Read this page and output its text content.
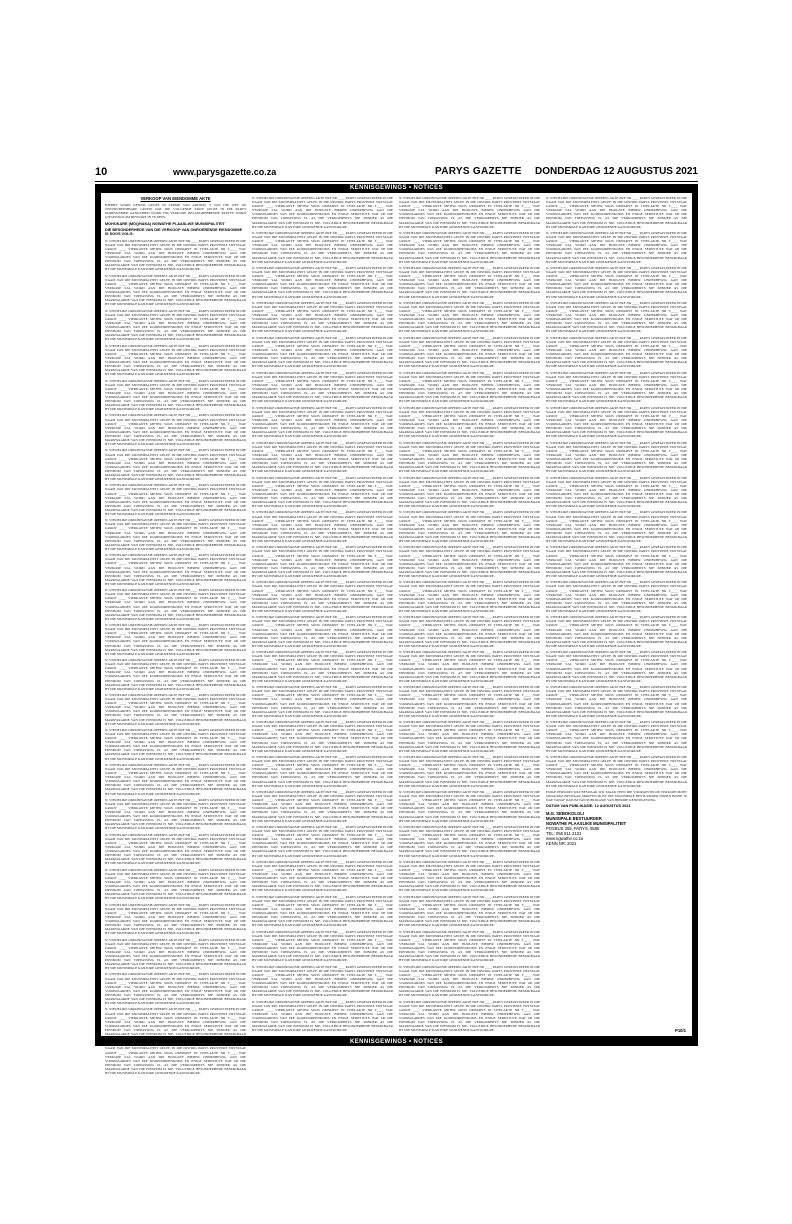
10	www.parysgazette.co.za	PARYS GAZETTE DONDERDAG 12 AUGUSTUS 2021
KENNISGEWINGS • NOTICES
VERKOOP VAN EIENDOMME AKTE

HIERBY WORD KENNIS GEGEE IN TERME VAN ARTIKEL 9 VAN DIE WET OP ONVERVREEMBARE GROND DAT DIE VOLGENDE ERWE GELEE IN DIE PARYS DORPSGEBIED AANGEBIED WORD VIR VERKOOP. BELANGHEBBENDE PARTYE WORD UITGENOOI OM BESWARE IN TE DIEN.

MOHOKARE (MOQHAKA) NGWATHE PLAASLIKE MUNISIPALITEIT

DIE BESONDERHEDE VAN DIE VERKOOP VAN ONROERENDE EIENDOMME IS SOOS VOLG:

N. STEDELIKE ORDONNANSIE OPPERVLAKTE ERF NR ____ PARYS GEREGISTREER IN DIE NAAM VAN DIE MUNISIPALITEIT GELEE IN DIE DISTRIK PARYS PROVINSIE VRYSTAAT GROOT ____ VIERKANTE METER SOOS OMSKRYF IN TITELAKTE NR T____ WAT VERKOOP SAL WORD AAN DIE HOOGSTE BIEDER ONDERHEWIG AAN DIE VOORWAARDES VAN DIE KOOPOOREENKOMS EN ENIGE SERWITUTE WAT OP DIE EIENDOM VAN TOEPASSING IS, AS DIE VERKOOPPRYS NIE MINDER AS DIE MARKWAARDE VAN DIE EIENDOM IS NIE. VOLLEDIGE BESONDERHEDE BESKIKBAAR BY DIE MUNISIPALE KANTORE GEDURENDE KANTOORURE.

N. STEDELIKE ORDONNANSIE OPPERVLAKTE ERF NR ____ PARYS GEREGISTREER IN DIE NAAM VAN DIE MUNISIPALITEIT GELEE IN DIE DISTRIK PARYS PROVINSIE VRYSTAAT GROOT ____ VIERKANTE METER SOOS OMSKRYF IN TITELAKTE NR T____ WAT VERKOOP SAL WORD AAN DIE HOOGSTE BIEDER ONDERHEWIG AAN DIE VOORWAARDES VAN DIE KOOPOOREENKOMS EN ENIGE SERWITUTE WAT OP DIE EIENDOM VAN TOEPASSING IS, AS DIE VERKOOPPRYS NIE MINDER AS DIE MARKWAARDE VAN DIE EIENDOM IS NIE. VOLLEDIGE BESONDERHEDE BESKIKBAAR BY DIE MUNISIPALE KANTORE GEDURENDE KANTOORURE.

N. STEDELIKE ORDONNANSIE OPPERVLAKTE ERF NR ____ PARYS GEREGISTREER IN DIE NAAM VAN DIE MUNISIPALITEIT GELEE IN DIE DISTRIK PARYS PROVINSIE VRYSTAAT GROOT ____ VIERKANTE METER SOOS OMSKRYF IN TITELAKTE NR T____ WAT VERKOOP SAL WORD AAN DIE HOOGSTE BIEDER ONDERHEWIG AAN DIE VOORWAARDES VAN DIE KOOPOOREENKOMS EN ENIGE SERWITUTE WAT OP DIE EIENDOM VAN TOEPASSING IS, AS DIE VERKOOPPRYS NIE MINDER AS DIE MARKWAARDE VAN DIE EIENDOM IS NIE. VOLLEDIGE BESONDERHEDE BESKIKBAAR BY DIE MUNISIPALE KANTORE GEDURENDE KANTOORURE.

N. STEDELIKE ORDONNANSIE OPPERVLAKTE ERF NR ____ PARYS GEREGISTREER IN DIE NAAM VAN DIE MUNISIPALITEIT GELEE IN DIE DISTRIK PARYS PROVINSIE VRYSTAAT GROOT ____ VIERKANTE METER SOOS OMSKRYF IN TITELAKTE NR T____ WAT VERKOOP SAL WORD AAN DIE HOOGSTE BIEDER ONDERHEWIG AAN DIE VOORWAARDES VAN DIE KOOPOOREENKOMS EN ENIGE SERWITUTE WAT OP DIE EIENDOM VAN TOEPASSING IS, AS DIE VERKOOPPRYS NIE MINDER AS DIE MARKWAARDE VAN DIE EIENDOM IS NIE. VOLLEDIGE BESONDERHEDE BESKIKBAAR BY DIE MUNISIPALE KANTORE GEDURENDE KANTOORURE.

N. STEDELIKE ORDONNANSIE OPPERVLAKTE ERF NR ____ PARYS GEREGISTREER IN DIE NAAM VAN DIE MUNISIPALITEIT GELEE IN DIE DISTRIK PARYS PROVINSIE VRYSTAAT GROOT ____ VIERKANTE METER SOOS OMSKRYF IN TITELAKTE NR T____ WAT VERKOOP SAL WORD AAN DIE HOOGSTE BIEDER ONDERHEWIG AAN DIE VOORWAARDES VAN DIE KOOPOOREENKOMS EN ENIGE SERWITUTE WAT OP DIE EIENDOM VAN TOEPASSING IS, AS DIE VERKOOPPRYS NIE MINDER AS DIE MARKWAARDE VAN DIE EIENDOM IS NIE. VOLLEDIGE BESONDERHEDE BESKIKBAAR BY DIE MUNISIPALE KANTORE GEDURENDE KANTOORURE.

N. STEDELIKE ORDONNANSIE OPPERVLAKTE ERF NR ____ PARYS GEREGISTREER IN DIE NAAM VAN DIE MUNISIPALITEIT GELEE IN DIE DISTRIK PARYS PROVINSIE VRYSTAAT GROOT ____ VIERKANTE METER SOOS OMSKRYF IN TITELAKTE NR T____ WAT VERKOOP SAL WORD AAN DIE HOOGSTE BIEDER ONDERHEWIG AAN DIE VOORWAARDES VAN DIE KOOPOOREENKOMS EN ENIGE SERWITUTE WAT OP DIE EIENDOM VAN TOEPASSING IS, AS DIE VERKOOPPRYS NIE MINDER AS DIE MARKWAARDE VAN DIE EIENDOM IS NIE. VOLLEDIGE BESONDERHEDE BESKIKBAAR BY DIE MUNISIPALE KANTORE GEDURENDE KANTOORURE.

N. STEDELIKE ORDONNANSIE OPPERVLAKTE ERF NR ____ PARYS GEREGISTREER IN DIE NAAM VAN DIE MUNISIPALITEIT GELEE IN DIE DISTRIK PARYS PROVINSIE VRYSTAAT GROOT ____ VIERKANTE METER SOOS OMSKRYF IN TITELAKTE NR T____ WAT VERKOOP SAL WORD AAN DIE HOOGSTE BIEDER ONDERHEWIG AAN DIE VOORWAARDES VAN DIE KOOPOOREENKOMS EN ENIGE SERWITUTE WAT OP DIE EIENDOM VAN TOEPASSING IS, AS DIE VERKOOPPRYS NIE MINDER AS DIE MARKWAARDE VAN DIE EIENDOM IS NIE. VOLLEDIGE BESONDERHEDE BESKIKBAAR BY DIE MUNISIPALE KANTORE GEDURENDE KANTOORURE.

N. STEDELIKE ORDONNANSIE OPPERVLAKTE ERF NR ____ PARYS GEREGISTREER IN DIE NAAM VAN DIE MUNISIPALITEIT GELEE IN DIE DISTRIK PARYS PROVINSIE VRYSTAAT GROOT ____ VIERKANTE METER SOOS OMSKRYF IN TITELAKTE NR T____ WAT VERKOOP SAL WORD AAN DIE HOOGSTE BIEDER ONDERHEWIG AAN DIE VOORWAARDES VAN DIE KOOPOOREENKOMS EN ENIGE SERWITUTE WAT OP DIE EIENDOM VAN TOEPASSING IS, AS DIE VERKOOPPRYS NIE MINDER AS DIE MARKWAARDE VAN DIE EIENDOM IS NIE. VOLLEDIGE BESONDERHEDE BESKIKBAAR BY DIE MUNISIPALE KANTORE GEDURENDE KANTOORURE.

N. STEDELIKE ORDONNANSIE OPPERVLAKTE ERF NR ____ PARYS GEREGISTREER IN DIE NAAM VAN DIE MUNISIPALITEIT GELEE IN DIE DISTRIK PARYS PROVINSIE VRYSTAAT GROOT ____ VIERKANTE METER SOOS OMSKRYF IN TITELAKTE NR T____ WAT VERKOOP SAL WORD AAN DIE HOOGSTE BIEDER ONDERHEWIG AAN DIE VOORWAARDES VAN DIE KOOPOOREENKOMS EN ENIGE SERWITUTE WAT OP DIE EIENDOM VAN TOEPASSING IS, AS DIE VERKOOPPRYS NIE MINDER AS DIE MARKWAARDE VAN DIE EIENDOM IS NIE. VOLLEDIGE BESONDERHEDE BESKIKBAAR BY DIE MUNISIPALE KANTORE GEDURENDE KANTOORURE.

N. STEDELIKE ORDONNANSIE OPPERVLAKTE ERF NR ____ PARYS GEREGISTREER IN DIE NAAM VAN DIE MUNISIPALITEIT GELEE IN DIE DISTRIK PARYS PROVINSIE VRYSTAAT GROOT ____ VIERKANTE METER SOOS OMSKRYF IN TITELAKTE NR T____ WAT VERKOOP SAL WORD AAN DIE HOOGSTE BIEDER ONDERHEWIG AAN DIE VOORWAARDES VAN DIE KOOPOOREENKOMS EN ENIGE SERWITUTE WAT OP DIE EIENDOM VAN TOEPASSING IS, AS DIE VERKOOPPRYS NIE MINDER AS DIE MARKWAARDE VAN DIE EIENDOM IS NIE. VOLLEDIGE BESONDERHEDE BESKIKBAAR BY DIE MUNISIPALE KANTORE GEDURENDE KANTOORURE.

N. STEDELIKE ORDONNANSIE OPPERVLAKTE ERF NR ____ PARYS GEREGISTREER IN DIE NAAM VAN DIE MUNISIPALITEIT GELEE IN DIE DISTRIK PARYS PROVINSIE VRYSTAAT GROOT ____ VIERKANTE METER SOOS OMSKRYF IN TITELAKTE NR T____ WAT VERKOOP SAL WORD AAN DIE HOOGSTE BIEDER ONDERHEWIG AAN DIE VOORWAARDES VAN DIE KOOPOOREENKOMS EN ENIGE SERWITUTE WAT OP DIE EIENDOM VAN TOEPASSING IS, AS DIE VERKOOPPRYS NIE MINDER AS DIE MARKWAARDE VAN DIE EIENDOM IS NIE. VOLLEDIGE BESONDERHEDE BESKIKBAAR BY DIE MUNISIPALE KANTORE GEDURENDE KANTOORURE.

N. STEDELIKE ORDONNANSIE OPPERVLAKTE ERF NR ____ PARYS GEREGISTREER IN DIE NAAM VAN DIE MUNISIPALITEIT GELEE IN DIE DISTRIK PARYS PROVINSIE VRYSTAAT GROOT ____ VIERKANTE METER SOOS OMSKRYF IN TITELAKTE NR T____ WAT VERKOOP SAL WORD AAN DIE HOOGSTE BIEDER ONDERHEWIG AAN DIE VOORWAARDES VAN DIE KOOPOOREENKOMS EN ENIGE SERWITUTE WAT OP DIE EIENDOM VAN TOEPASSING IS, AS DIE VERKOOPPRYS NIE MINDER AS DIE MARKWAARDE VAN DIE EIENDOM IS NIE. VOLLEDIGE BESONDERHEDE BESKIKBAAR BY DIE MUNISIPALE KANTORE GEDURENDE KANTOORURE.

N. STEDELIKE ORDONNANSIE OPPERVLAKTE ERF NR ____ PARYS GEREGISTREER IN DIE NAAM VAN DIE MUNISIPALITEIT GELEE IN DIE DISTRIK PARYS PROVINSIE VRYSTAAT GROOT ____ VIERKANTE METER SOOS OMSKRYF IN TITELAKTE NR T____ WAT VERKOOP SAL WORD AAN DIE HOOGSTE BIEDER ONDERHEWIG AAN DIE VOORWAARDES VAN DIE KOOPOOREENKOMS EN ENIGE SERWITUTE WAT OP DIE EIENDOM VAN TOEPASSING IS, AS DIE VERKOOPPRYS NIE MINDER AS DIE MARKWAARDE VAN DIE EIENDOM IS NIE. VOLLEDIGE BESONDERHEDE BESKIKBAAR BY DIE MUNISIPALE KANTORE GEDURENDE KANTOORURE.

N. STEDELIKE ORDONNANSIE OPPERVLAKTE ERF NR ____ PARYS GEREGISTREER IN DIE NAAM VAN DIE MUNISIPALITEIT GELEE IN DIE DISTRIK PARYS PROVINSIE VRYSTAAT GROOT ____ VIERKANTE METER SOOS OMSKRYF IN TITELAKTE NR T____ WAT VERKOOP SAL WORD AAN DIE HOOGSTE BIEDER ONDERHEWIG AAN DIE VOORWAARDES VAN DIE KOOPOOREENKOMS EN ENIGE SERWITUTE WAT OP DIE EIENDOM VAN TOEPASSING IS, AS DIE VERKOOPPRYS NIE MINDER AS DIE MARKWAARDE VAN DIE EIENDOM IS NIE. VOLLEDIGE BESONDERHEDE BESKIKBAAR BY DIE MUNISIPALE KANTORE GEDURENDE KANTOORURE.

N. STEDELIKE ORDONNANSIE OPPERVLAKTE ERF NR ____ PARYS GEREGISTREER IN DIE NAAM VAN DIE MUNISIPALITEIT GELEE IN DIE DISTRIK PARYS PROVINSIE VRYSTAAT GROOT ____ VIERKANTE METER SOOS OMSKRYF IN TITELAKTE NR T____ WAT VERKOOP SAL WORD AAN DIE HOOGSTE BIEDER ONDERHEWIG AAN DIE VOORWAARDES VAN DIE KOOPOOREENKOMS EN ENIGE SERWITUTE WAT OP DIE EIENDOM VAN TOEPASSING IS, AS DIE VERKOOPPRYS NIE MINDER AS DIE MARKWAARDE VAN DIE EIENDOM IS NIE. VOLLEDIGE BESONDERHEDE BESKIKBAAR BY DIE MUNISIPALE KANTORE GEDURENDE KANTOORURE.

N. STEDELIKE ORDONNANSIE OPPERVLAKTE ERF NR ____ PARYS GEREGISTREER IN DIE NAAM VAN DIE MUNISIPALITEIT GELEE IN DIE DISTRIK PARYS PROVINSIE VRYSTAAT GROOT ____ VIERKANTE METER SOOS OMSKRYF IN TITELAKTE NR T____ WAT VERKOOP SAL WORD AAN DIE HOOGSTE BIEDER ONDERHEWIG AAN DIE VOORWAARDES VAN DIE KOOPOOREENKOMS EN ENIGE SERWITUTE WAT OP DIE EIENDOM VAN TOEPASSING IS, AS DIE VERKOOPPRYS NIE MINDER AS DIE MARKWAARDE VAN DIE EIENDOM IS NIE. VOLLEDIGE BESONDERHEDE BESKIKBAAR BY DIE MUNISIPALE KANTORE GEDURENDE KANTOORURE.

N. STEDELIKE ORDONNANSIE OPPERVLAKTE ERF NR ____ PARYS GEREGISTREER IN DIE NAAM VAN DIE MUNISIPALITEIT GELEE IN DIE DISTRIK PARYS PROVINSIE VRYSTAAT GROOT ____ VIERKANTE METER SOOS OMSKRYF IN TITELAKTE NR T____ WAT VERKOOP SAL WORD AAN DIE HOOGSTE BIEDER ONDERHEWIG AAN DIE VOORWAARDES VAN DIE KOOPOOREENKOMS EN ENIGE SERWITUTE WAT OP DIE EIENDOM VAN TOEPASSING IS, AS DIE VERKOOPPRYS NIE MINDER AS DIE MARKWAARDE VAN DIE EIENDOM IS NIE. VOLLEDIGE BESONDERHEDE BESKIKBAAR BY DIE MUNISIPALE KANTORE GEDURENDE KANTOORURE.

N. STEDELIKE ORDONNANSIE OPPERVLAKTE ERF NR ____ PARYS GEREGISTREER IN DIE NAAM VAN DIE MUNISIPALITEIT GELEE IN DIE DISTRIK PARYS PROVINSIE VRYSTAAT GROOT ____ VIERKANTE METER SOOS OMSKRYF IN TITELAKTE NR T____ WAT VERKOOP SAL WORD AAN DIE HOOGSTE BIEDER ONDERHEWIG AAN DIE VOORWAARDES VAN DIE KOOPOOREENKOMS EN ENIGE SERWITUTE WAT OP DIE EIENDOM VAN TOEPASSING IS, AS DIE VERKOOPPRYS NIE MINDER AS DIE MARKWAARDE VAN DIE EIENDOM IS NIE. VOLLEDIGE BESONDERHEDE BESKIKBAAR BY DIE MUNISIPALE KANTORE GEDURENDE KANTOORURE.

N. STEDELIKE ORDONNANSIE OPPERVLAKTE ERF NR ____ PARYS GEREGISTREER IN DIE NAAM VAN DIE MUNISIPALITEIT GELEE IN DIE DISTRIK PARYS PROVINSIE VRYSTAAT GROOT ____ VIERKANTE METER SOOS OMSKRYF IN TITELAKTE NR T____ WAT VERKOOP SAL WORD AAN DIE HOOGSTE BIEDER ONDERHEWIG AAN DIE VOORWAARDES VAN DIE KOOPOOREENKOMS EN ENIGE SERWITUTE WAT OP DIE EIENDOM VAN TOEPASSING IS, AS DIE VERKOOPPRYS NIE MINDER AS DIE MARKWAARDE VAN DIE EIENDOM IS NIE. VOLLEDIGE BESONDERHEDE BESKIKBAAR BY DIE MUNISIPALE KANTORE GEDURENDE KANTOORURE.

N. STEDELIKE ORDONNANSIE OPPERVLAKTE ERF NR ____ PARYS GEREGISTREER IN DIE NAAM VAN DIE MUNISIPALITEIT GELEE IN DIE DISTRIK PARYS PROVINSIE VRYSTAAT GROOT ____ VIERKANTE METER SOOS OMSKRYF IN TITELAKTE NR T____ WAT VERKOOP SAL WORD AAN DIE HOOGSTE BIEDER ONDERHEWIG AAN DIE VOORWAARDES VAN DIE KOOPOOREENKOMS EN ENIGE SERWITUTE WAT OP DIE EIENDOM VAN TOEPASSING IS, AS DIE VERKOOPPRYS NIE MINDER AS DIE MARKWAARDE VAN DIE EIENDOM IS NIE. VOLLEDIGE BESONDERHEDE BESKIKBAAR BY DIE MUNISIPALE KANTORE GEDURENDE KANTOORURE.

N. STEDELIKE ORDONNANSIE OPPERVLAKTE ERF NR ____ PARYS GEREGISTREER IN DIE NAAM VAN DIE MUNISIPALITEIT GELEE IN DIE DISTRIK PARYS PROVINSIE VRYSTAAT GROOT ____ VIERKANTE METER SOOS OMSKRYF IN TITELAKTE NR T____ WAT VERKOOP SAL WORD AAN DIE HOOGSTE BIEDER ONDERHEWIG AAN DIE VOORWAARDES VAN DIE KOOPOOREENKOMS EN ENIGE SERWITUTE WAT OP DIE EIENDOM VAN TOEPASSING IS, AS DIE VERKOOPPRYS NIE MINDER AS DIE MARKWAARDE VAN DIE EIENDOM IS NIE. VOLLEDIGE BESONDERHEDE BESKIKBAAR BY DIE MUNISIPALE KANTORE GEDURENDE KANTOORURE.

N. STEDELIKE ORDONNANSIE OPPERVLAKTE ERF NR ____ PARYS GEREGISTREER IN DIE NAAM VAN DIE MUNISIPALITEIT GELEE IN DIE DISTRIK PARYS PROVINSIE VRYSTAAT GROOT ____ VIERKANTE METER SOOS OMSKRYF IN TITELAKTE NR T____ WAT VERKOOP SAL WORD AAN DIE HOOGSTE BIEDER ONDERHEWIG AAN DIE VOORWAARDES VAN DIE KOOPOOREENKOMS EN ENIGE SERWITUTE WAT OP DIE EIENDOM VAN TOEPASSING IS, AS DIE VERKOOPPRYS NIE MINDER AS DIE MARKWAARDE VAN DIE EIENDOM IS NIE. VOLLEDIGE BESONDERHEDE BESKIKBAAR BY DIE MUNISIPALE KANTORE GEDURENDE KANTOORURE.

N. STEDELIKE ORDONNANSIE OPPERVLAKTE ERF NR ____ PARYS GEREGISTREER IN DIE NAAM VAN DIE MUNISIPALITEIT GELEE IN DIE DISTRIK PARYS PROVINSIE VRYSTAAT GROOT ____ VIERKANTE METER SOOS OMSKRYF IN TITELAKTE NR T____ WAT VERKOOP SAL WORD AAN DIE HOOGSTE BIEDER ONDERHEWIG AAN DIE VOORWAARDES VAN DIE KOOPOOREENKOMS EN ENIGE SERWITUTE WAT OP DIE EIENDOM VAN TOEPASSING IS, AS DIE VERKOOPPRYS NIE MINDER AS DIE MARKWAARDE VAN DIE EIENDOM IS NIE. VOLLEDIGE BESONDERHEDE BESKIKBAAR BY DIE MUNISIPALE KANTORE GEDURENDE KANTOORURE.

N. STEDELIKE ORDONNANSIE OPPERVLAKTE ERF NR ____ PARYS GEREGISTREER IN DIE NAAM VAN DIE MUNISIPALITEIT GELEE IN DIE DISTRIK PARYS PROVINSIE VRYSTAAT GROOT ____ VIERKANTE METER SOOS OMSKRYF IN TITELAKTE NR T____ WAT VERKOOP SAL WORD AAN DIE HOOGSTE BIEDER ONDERHEWIG AAN DIE VOORWAARDES VAN DIE KOOPOOREENKOMS EN ENIGE SERWITUTE WAT OP DIE EIENDOM VAN TOEPASSING IS, AS DIE VERKOOPPRYS NIE MINDER AS DIE MARKWAARDE VAN DIE EIENDOM IS NIE. VOLLEDIGE BESONDERHEDE BESKIKBAAR BY DIE MUNISIPALE KANTORE GEDURENDE KANTOORURE.

N. STEDELIKE ORDONNANSIE OPPERVLAKTE ERF NR ____ PARYS GEREGISTREER IN DIE NAAM VAN DIE MUNISIPALITEIT GELEE IN DIE DISTRIK PARYS PROVINSIE VRYSTAAT GROOT ____ VIERKANTE METER SOOS OMSKRYF IN TITELAKTE NR T____ WAT VERKOOP SAL WORD AAN DIE HOOGSTE BIEDER ONDERHEWIG AAN DIE VOORWAARDES VAN DIE KOOPOOREENKOMS EN ENIGE SERWITUTE WAT OP DIE EIENDOM VAN TOEPASSING IS, AS DIE VERKOOPPRYS NIE MINDER AS DIE MARKWAARDE VAN DIE EIENDOM IS NIE. VOLLEDIGE BESONDERHEDE BESKIKBAAR BY DIE MUNISIPALE KANTORE GEDURENDE KANTOORURE.

N. STEDELIKE ORDONNANSIE OPPERVLAKTE ERF NR ____ PARYS GEREGISTREER IN DIE NAAM VAN DIE MUNISIPALITEIT GELEE IN DIE DISTRIK PARYS PROVINSIE VRYSTAAT GROOT ____ VIERKANTE METER SOOS OMSKRYF IN TITELAKTE NR T____ WAT VERKOOP SAL WORD AAN DIE HOOGSTE BIEDER ONDERHEWIG AAN DIE VOORWAARDES VAN DIE KOOPOOREENKOMS EN ENIGE SERWITUTE WAT OP DIE EIENDOM VAN TOEPASSING IS, AS DIE VERKOOPPRYS NIE MINDER AS DIE MARKWAARDE VAN DIE EIENDOM IS NIE. VOLLEDIGE BESONDERHEDE BESKIKBAAR BY DIE MUNISIPALE KANTORE GEDURENDE KANTOORURE.

N. STEDELIKE ORDONNANSIE OPPERVLAKTE ERF NR ____ PARYS GEREGISTREER IN DIE NAAM VAN DIE MUNISIPALITEIT GELEE IN DIE DISTRIK PARYS PROVINSIE VRYSTAAT GROOT ____ VIERKANTE METER SOOS OMSKRYF IN TITELAKTE NR T____ WAT VERKOOP SAL WORD AAN DIE HOOGSTE BIEDER ONDERHEWIG AAN DIE VOORWAARDES VAN DIE KOOPOOREENKOMS EN ENIGE SERWITUTE WAT OP DIE EIENDOM VAN TOEPASSING IS, AS DIE VERKOOPPRYS NIE MINDER AS DIE MARKWAARDE VAN DIE EIENDOM IS NIE. VOLLEDIGE BESONDERHEDE BESKIKBAAR BY DIE MUNISIPALE KANTORE GEDURENDE KANTOORURE.

N. STEDELIKE ORDONNANSIE OPPERVLAKTE ERF NR ____ PARYS GEREGISTREER IN DIE NAAM VAN DIE MUNISIPALITEIT GELEE IN DIE DISTRIK PARYS PROVINSIE VRYSTAAT GROOT ____ VIERKANTE METER SOOS OMSKRYF IN TITELAKTE NR T____ WAT VERKOOP SAL WORD AAN DIE HOOGSTE BIEDER ONDERHEWIG AAN DIE VOORWAARDES VAN DIE KOOPOOREENKOMS EN ENIGE SERWITUTE WAT OP DIE EIENDOM VAN TOEPASSING IS, AS DIE VERKOOPPRYS NIE MINDER AS DIE MARKWAARDE VAN DIE EIENDOM IS NIE. VOLLEDIGE BESONDERHEDE BESKIKBAAR BY DIE MUNISIPALE KANTORE GEDURENDE KANTOORURE.

N. STEDELIKE ORDONNANSIE OPPERVLAKTE ERF NR ____ PARYS GEREGISTREER IN DIE NAAM VAN DIE MUNISIPALITEIT GELEE IN DIE DISTRIK PARYS PROVINSIE VRYSTAAT GROOT ____ VIERKANTE METER SOOS OMSKRYF IN TITELAKTE NR T____ WAT VERKOOP SAL WORD AAN DIE HOOGSTE BIEDER ONDERHEWIG AAN DIE VOORWAARDES VAN DIE KOOPOOREENKOMS EN ENIGE SERWITUTE WAT OP DIE EIENDOM VAN TOEPASSING IS, AS DIE VERKOOPPRYS NIE MINDER AS DIE MARKWAARDE VAN DIE EIENDOM IS NIE. VOLLEDIGE BESONDERHEDE BESKIKBAAR BY DIE MUNISIPALE KANTORE GEDURENDE KANTOORURE.

N. STEDELIKE ORDONNANSIE OPPERVLAKTE ERF NR ____ PARYS GEREGISTREER IN DIE NAAM VAN DIE MUNISIPALITEIT GELEE IN DIE DISTRIK PARYS PROVINSIE VRYSTAAT GROOT ____ VIERKANTE METER SOOS OMSKRYF IN TITELAKTE NR T____ WAT VERKOOP SAL WORD AAN DIE HOOGSTE BIEDER ONDERHEWIG AAN DIE VOORWAARDES VAN DIE KOOPOOREENKOMS EN ENIGE SERWITUTE WAT OP DIE EIENDOM VAN TOEPASSING IS, AS DIE VERKOOPPRYS NIE MINDER AS DIE MARKWAARDE VAN DIE EIENDOM IS NIE. VOLLEDIGE BESONDERHEDE BESKIKBAAR BY DIE MUNISIPALE KANTORE GEDURENDE KANTOORURE.

N. STEDELIKE ORDONNANSIE OPPERVLAKTE ERF NR ____ PARYS GEREGISTREER IN DIE NAAM VAN DIE MUNISIPALITEIT GELEE IN DIE DISTRIK PARYS PROVINSIE VRYSTAAT GROOT ____ VIERKANTE METER SOOS OMSKRYF IN TITELAKTE NR T____ WAT VERKOOP SAL WORD AAN DIE HOOGSTE BIEDER ONDERHEWIG AAN DIE VOORWAARDES VAN DIE KOOPOOREENKOMS EN ENIGE SERWITUTE WAT OP DIE EIENDOM VAN TOEPASSING IS, AS DIE VERKOOPPRYS NIE MINDER AS DIE MARKWAARDE VAN DIE EIENDOM IS NIE. VOLLEDIGE BESONDERHEDE BESKIKBAAR BY DIE MUNISIPALE KANTORE GEDURENDE KANTOORURE.

N. STEDELIKE ORDONNANSIE OPPERVLAKTE ERF NR ____ PARYS GEREGISTREER IN DIE NAAM VAN DIE MUNISIPALITEIT GELEE IN DIE DISTRIK PARYS PROVINSIE VRYSTAAT GROOT ____ VIERKANTE METER SOOS OMSKRYF IN TITELAKTE NR T____ WAT VERKOOP SAL WORD AAN DIE HOOGSTE BIEDER ONDERHEWIG AAN DIE VOORWAARDES VAN DIE KOOPOOREENKOMS EN ENIGE SERWITUTE WAT OP DIE EIENDOM VAN TOEPASSING IS, AS DIE VERKOOPPRYS NIE MINDER AS DIE MARKWAARDE VAN DIE EIENDOM IS NIE. VOLLEDIGE BESONDERHEDE BESKIKBAAR BY DIE MUNISIPALE KANTORE GEDURENDE KANTOORURE.

N. STEDELIKE ORDONNANSIE OPPERVLAKTE ERF NR ____ PARYS GEREGISTREER IN DIE NAAM VAN DIE MUNISIPALITEIT GELEE IN DIE DISTRIK PARYS PROVINSIE VRYSTAAT GROOT ____ VIERKANTE METER SOOS OMSKRYF IN TITELAKTE NR T____ WAT VERKOOP SAL WORD AAN DIE HOOGSTE BIEDER ONDERHEWIG AAN DIE VOORWAARDES VAN DIE KOOPOOREENKOMS EN ENIGE SERWITUTE WAT OP DIE EIENDOM VAN TOEPASSING IS, AS DIE VERKOOPPRYS NIE MINDER AS DIE MARKWAARDE VAN DIE EIENDOM IS NIE. VOLLEDIGE BESONDERHEDE BESKIKBAAR BY DIE MUNISIPALE KANTORE GEDURENDE KANTOORURE.

N. STEDELIKE ORDONNANSIE OPPERVLAKTE ERF NR ____ PARYS GEREGISTREER IN DIE NAAM VAN DIE MUNISIPALITEIT GELEE IN DIE DISTRIK PARYS PROVINSIE VRYSTAAT GROOT ____ VIERKANTE METER SOOS OMSKRYF IN TITELAKTE NR T____ WAT VERKOOP SAL WORD AAN DIE HOOGSTE BIEDER ONDERHEWIG AAN DIE VOORWAARDES VAN DIE KOOPOOREENKOMS EN ENIGE SERWITUTE WAT OP DIE EIENDOM VAN TOEPASSING IS, AS DIE VERKOOPPRYS NIE MINDER AS DIE MARKWAARDE VAN DIE EIENDOM IS NIE. VOLLEDIGE BESONDERHEDE BESKIKBAAR BY DIE MUNISIPALE KANTORE GEDURENDE KANTOORURE.

N. STEDELIKE ORDONNANSIE OPPERVLAKTE ERF NR ____ PARYS GEREGISTREER IN DIE NAAM VAN DIE MUNISIPALITEIT GELEE IN DIE DISTRIK PARYS PROVINSIE VRYSTAAT GROOT ____ VIERKANTE METER SOOS OMSKRYF IN TITELAKTE NR T____ WAT VERKOOP SAL WORD AAN DIE HOOGSTE BIEDER ONDERHEWIG AAN DIE VOORWAARDES VAN DIE KOOPOOREENKOMS EN ENIGE SERWITUTE WAT OP DIE EIENDOM VAN TOEPASSING IS, AS DIE VERKOOPPRYS NIE MINDER AS DIE MARKWAARDE VAN DIE EIENDOM IS NIE. VOLLEDIGE BESONDERHEDE BESKIKBAAR BY DIE MUNISIPALE KANTORE GEDURENDE KANTOORURE.

N. STEDELIKE ORDONNANSIE OPPERVLAKTE ERF NR ____ PARYS GEREGISTREER IN DIE NAAM VAN DIE MUNISIPALITEIT GELEE IN DIE DISTRIK PARYS PROVINSIE VRYSTAAT GROOT ____ VIERKANTE METER SOOS OMSKRYF IN TITELAKTE NR T____ WAT VERKOOP SAL WORD AAN DIE HOOGSTE BIEDER ONDERHEWIG AAN DIE VOORWAARDES VAN DIE KOOPOOREENKOMS EN ENIGE SERWITUTE WAT OP DIE EIENDOM VAN TOEPASSING IS, AS DIE VERKOOPPRYS NIE MINDER AS DIE MARKWAARDE VAN DIE EIENDOM IS NIE. VOLLEDIGE BESONDERHEDE BESKIKBAAR BY DIE MUNISIPALE KANTORE GEDURENDE KANTOORURE.

N. STEDELIKE ORDONNANSIE OPPERVLAKTE ERF NR ____ PARYS GEREGISTREER IN DIE NAAM VAN DIE MUNISIPALITEIT GELEE IN DIE DISTRIK PARYS PROVINSIE VRYSTAAT GROOT ____ VIERKANTE METER SOOS OMSKRYF IN TITELAKTE NR T____ WAT VERKOOP SAL WORD AAN DIE HOOGSTE BIEDER ONDERHEWIG AAN DIE VOORWAARDES VAN DIE KOOPOOREENKOMS EN ENIGE SERWITUTE WAT OP DIE EIENDOM VAN TOEPASSING IS, AS DIE VERKOOPPRYS NIE MINDER AS DIE MARKWAARDE VAN DIE EIENDOM IS NIE. VOLLEDIGE BESONDERHEDE BESKIKBAAR BY DIE MUNISIPALE KANTORE GEDURENDE KANTOORURE.

N. STEDELIKE ORDONNANSIE OPPERVLAKTE ERF NR ____ PARYS GEREGISTREER IN DIE NAAM VAN DIE MUNISIPALITEIT GELEE IN DIE DISTRIK PARYS PROVINSIE VRYSTAAT GROOT ____ VIERKANTE METER SOOS OMSKRYF IN TITELAKTE NR T____ WAT VERKOOP SAL WORD AAN DIE HOOGSTE BIEDER ONDERHEWIG AAN DIE VOORWAARDES VAN DIE KOOPOOREENKOMS EN ENIGE SERWITUTE WAT OP DIE EIENDOM VAN TOEPASSING IS, AS DIE VERKOOPPRYS NIE MINDER AS DIE MARKWAARDE VAN DIE EIENDOM IS NIE. VOLLEDIGE BESONDERHEDE BESKIKBAAR BY DIE MUNISIPALE KANTORE GEDURENDE KANTOORURE.

N. STEDELIKE ORDONNANSIE OPPERVLAKTE ERF NR ____ PARYS GEREGISTREER IN DIE NAAM VAN DIE MUNISIPALITEIT GELEE IN DIE DISTRIK PARYS PROVINSIE VRYSTAAT GROOT ____ VIERKANTE METER SOOS OMSKRYF IN TITELAKTE NR T____ WAT VERKOOP SAL WORD AAN DIE HOOGSTE BIEDER ONDERHEWIG AAN DIE VOORWAARDES VAN DIE KOOPOOREENKOMS EN ENIGE SERWITUTE WAT OP DIE EIENDOM VAN TOEPASSING IS, AS DIE VERKOOPPRYS NIE MINDER AS DIE MARKWAARDE VAN DIE EIENDOM IS NIE. VOLLEDIGE BESONDERHEDE BESKIKBAAR BY DIE MUNISIPALE KANTORE GEDURENDE KANTOORURE.

N. STEDELIKE ORDONNANSIE OPPERVLAKTE ERF NR ____ PARYS GEREGISTREER IN DIE NAAM VAN DIE MUNISIPALITEIT GELEE IN DIE DISTRIK PARYS PROVINSIE VRYSTAAT GROOT ____ VIERKANTE METER SOOS OMSKRYF IN TITELAKTE NR T____ WAT VERKOOP SAL WORD AAN DIE HOOGSTE BIEDER ONDERHEWIG AAN DIE VOORWAARDES VAN DIE KOOPOOREENKOMS EN ENIGE SERWITUTE WAT OP DIE EIENDOM VAN TOEPASSING IS, AS DIE VERKOOPPRYS NIE MINDER AS DIE MARKWAARDE VAN DIE EIENDOM IS NIE. VOLLEDIGE BESONDERHEDE BESKIKBAAR BY DIE MUNISIPALE KANTORE GEDURENDE KANTOORURE.

N. STEDELIKE ORDONNANSIE OPPERVLAKTE ERF NR ____ PARYS GEREGISTREER IN DIE NAAM VAN DIE MUNISIPALITEIT GELEE IN DIE DISTRIK PARYS PROVINSIE VRYSTAAT GROOT ____ VIERKANTE METER SOOS OMSKRYF IN TITELAKTE NR T____ WAT VERKOOP SAL WORD AAN DIE HOOGSTE BIEDER ONDERHEWIG AAN DIE VOORWAARDES VAN DIE KOOPOOREENKOMS EN ENIGE SERWITUTE WAT OP DIE EIENDOM VAN TOEPASSING IS, AS DIE VERKOOPPRYS NIE MINDER AS DIE MARKWAARDE VAN DIE EIENDOM IS NIE. VOLLEDIGE BESONDERHEDE BESKIKBAAR BY DIE MUNISIPALE KANTORE GEDURENDE KANTOORURE.

N. STEDELIKE ORDONNANSIE OPPERVLAKTE ERF NR ____ PARYS GEREGISTREER IN DIE NAAM VAN DIE MUNISIPALITEIT GELEE IN DIE DISTRIK PARYS PROVINSIE VRYSTAAT GROOT ____ VIERKANTE METER SOOS OMSKRYF IN TITELAKTE NR T____ WAT VERKOOP SAL WORD AAN DIE HOOGSTE BIEDER ONDERHEWIG AAN DIE VOORWAARDES VAN DIE KOOPOOREENKOMS EN ENIGE SERWITUTE WAT OP DIE EIENDOM VAN TOEPASSING IS, AS DIE VERKOOPPRYS NIE MINDER AS DIE MARKWAARDE VAN DIE EIENDOM IS NIE. VOLLEDIGE BESONDERHEDE BESKIKBAAR BY DIE MUNISIPALE KANTORE GEDURENDE KANTOORURE.

N. STEDELIKE ORDONNANSIE OPPERVLAKTE ERF NR ____ PARYS GEREGISTREER IN DIE NAAM VAN DIE MUNISIPALITEIT GELEE IN DIE DISTRIK PARYS PROVINSIE VRYSTAAT GROOT ____ VIERKANTE METER SOOS OMSKRYF IN TITELAKTE NR T____ WAT VERKOOP SAL WORD AAN DIE HOOGSTE BIEDER ONDERHEWIG AAN DIE VOORWAARDES VAN DIE KOOPOOREENKOMS EN ENIGE SERWITUTE WAT OP DIE EIENDOM VAN TOEPASSING IS, AS DIE VERKOOPPRYS NIE MINDER AS DIE MARKWAARDE VAN DIE EIENDOM IS NIE. VOLLEDIGE BESONDERHEDE BESKIKBAAR BY DIE MUNISIPALE KANTORE GEDURENDE KANTOORURE.

N. STEDELIKE ORDONNANSIE OPPERVLAKTE ERF NR ____ PARYS GEREGISTREER IN DIE NAAM VAN DIE MUNISIPALITEIT GELEE IN DIE DISTRIK PARYS PROVINSIE VRYSTAAT GROOT ____ VIERKANTE METER SOOS OMSKRYF IN TITELAKTE NR T____ WAT VERKOOP SAL WORD AAN DIE HOOGSTE BIEDER ONDERHEWIG AAN DIE VOORWAARDES VAN DIE KOOPOOREENKOMS EN ENIGE SERWITUTE WAT OP DIE EIENDOM VAN TOEPASSING IS, AS DIE VERKOOPPRYS NIE MINDER AS DIE MARKWAARDE VAN DIE EIENDOM IS NIE. VOLLEDIGE BESONDERHEDE BESKIKBAAR BY DIE MUNISIPALE KANTORE GEDURENDE KANTOORURE.

N. STEDELIKE ORDONNANSIE OPPERVLAKTE ERF NR ____ PARYS GEREGISTREER IN DIE NAAM VAN DIE MUNISIPALITEIT GELEE IN DIE DISTRIK PARYS PROVINSIE VRYSTAAT GROOT ____ VIERKANTE METER SOOS OMSKRYF IN TITELAKTE NR T____ WAT VERKOOP SAL WORD AAN DIE HOOGSTE BIEDER ONDERHEWIG AAN DIE VOORWAARDES VAN DIE KOOPOOREENKOMS EN ENIGE SERWITUTE WAT OP DIE EIENDOM VAN TOEPASSING IS, AS DIE VERKOOPPRYS NIE MINDER AS DIE MARKWAARDE VAN DIE EIENDOM IS NIE. VOLLEDIGE BESONDERHEDE BESKIKBAAR BY DIE MUNISIPALE KANTORE GEDURENDE KANTOORURE.

N. STEDELIKE ORDONNANSIE OPPERVLAKTE ERF NR ____ PARYS GEREGISTREER IN DIE NAAM VAN DIE MUNISIPALITEIT GELEE IN DIE DISTRIK PARYS PROVINSIE VRYSTAAT GROOT ____ VIERKANTE METER SOOS OMSKRYF IN TITELAKTE NR T____ WAT VERKOOP SAL WORD AAN DIE HOOGSTE BIEDER ONDERHEWIG AAN DIE VOORWAARDES VAN DIE KOOPOOREENKOMS EN ENIGE SERWITUTE WAT OP DIE EIENDOM VAN TOEPASSING IS, AS DIE VERKOOPPRYS NIE MINDER AS DIE MARKWAARDE VAN DIE EIENDOM IS NIE. VOLLEDIGE BESONDERHEDE BESKIKBAAR BY DIE MUNISIPALE KANTORE GEDURENDE KANTOORURE.

N. STEDELIKE ORDONNANSIE OPPERVLAKTE ERF NR ____ PARYS GEREGISTREER IN DIE NAAM VAN DIE MUNISIPALITEIT GELEE IN DIE DISTRIK PARYS PROVINSIE VRYSTAAT GROOT ____ VIERKANTE METER SOOS OMSKRYF IN TITELAKTE NR T____ WAT VERKOOP SAL WORD AAN DIE HOOGSTE BIEDER ONDERHEWIG AAN DIE VOORWAARDES VAN DIE KOOPOOREENKOMS EN ENIGE SERWITUTE WAT OP DIE EIENDOM VAN TOEPASSING IS, AS DIE VERKOOPPRYS NIE MINDER AS DIE MARKWAARDE VAN DIE EIENDOM IS NIE. VOLLEDIGE BESONDERHEDE BESKIKBAAR BY DIE MUNISIPALE KANTORE GEDURENDE KANTOORURE.

N. STEDELIKE ORDONNANSIE OPPERVLAKTE ERF NR ____ PARYS GEREGISTREER IN DIE NAAM VAN DIE MUNISIPALITEIT GELEE IN DIE DISTRIK PARYS PROVINSIE VRYSTAAT GROOT ____ VIERKANTE METER SOOS OMSKRYF IN TITELAKTE NR T____ WAT VERKOOP SAL WORD AAN DIE HOOGSTE BIEDER ONDERHEWIG AAN DIE VOORWAARDES VAN DIE KOOPOOREENKOMS EN ENIGE SERWITUTE WAT OP DIE EIENDOM VAN TOEPASSING IS, AS DIE VERKOOPPRYS NIE MINDER AS DIE MARKWAARDE VAN DIE EIENDOM IS NIE. VOLLEDIGE BESONDERHEDE BESKIKBAAR BY DIE MUNISIPALE KANTORE GEDURENDE KANTOORURE.

N. STEDELIKE ORDONNANSIE OPPERVLAKTE ERF NR ____ PARYS GEREGISTREER IN DIE NAAM VAN DIE MUNISIPALITEIT GELEE IN DIE DISTRIK PARYS PROVINSIE VRYSTAAT GROOT ____ VIERKANTE METER SOOS OMSKRYF IN TITELAKTE NR T____ WAT VERKOOP SAL WORD AAN DIE HOOGSTE BIEDER ONDERHEWIG AAN DIE VOORWAARDES VAN DIE KOOPOOREENKOMS EN ENIGE SERWITUTE WAT OP DIE EIENDOM VAN TOEPASSING IS, AS DIE VERKOOPPRYS NIE MINDER AS DIE MARKWAARDE VAN DIE EIENDOM IS NIE. VOLLEDIGE BESONDERHEDE BESKIKBAAR BY DIE MUNISIPALE KANTORE GEDURENDE KANTOORURE.

N. STEDELIKE ORDONNANSIE OPPERVLAKTE ERF NR ____ PARYS GEREGISTREER IN DIE NAAM VAN DIE MUNISIPALITEIT GELEE IN DIE DISTRIK PARYS PROVINSIE VRYSTAAT GROOT ____ VIERKANTE METER SOOS OMSKRYF IN TITELAKTE NR T____ WAT VERKOOP SAL WORD AAN DIE HOOGSTE BIEDER ONDERHEWIG AAN DIE VOORWAARDES VAN DIE KOOPOOREENKOMS EN ENIGE SERWITUTE WAT OP DIE EIENDOM VAN TOEPASSING IS, AS DIE VERKOOPPRYS NIE MINDER AS DIE MARKWAARDE VAN DIE EIENDOM IS NIE. VOLLEDIGE BESONDERHEDE BESKIKBAAR BY DIE MUNISIPALE KANTORE GEDURENDE KANTOORURE.

N. STEDELIKE ORDONNANSIE OPPERVLAKTE ERF NR ____ PARYS GEREGISTREER IN DIE NAAM VAN DIE MUNISIPALITEIT GELEE IN DIE DISTRIK PARYS PROVINSIE VRYSTAAT GROOT ____ VIERKANTE METER SOOS OMSKRYF IN TITELAKTE NR T____ WAT VERKOOP SAL WORD AAN DIE HOOGSTE BIEDER ONDERHEWIG AAN DIE VOORWAARDES VAN DIE KOOPOOREENKOMS EN ENIGE SERWITUTE WAT OP DIE EIENDOM VAN TOEPASSING IS, AS DIE VERKOOPPRYS NIE MINDER AS DIE MARKWAARDE VAN DIE EIENDOM IS NIE. VOLLEDIGE BESONDERHEDE BESKIKBAAR BY DIE MUNISIPALE KANTORE GEDURENDE KANTOORURE.

N. STEDELIKE ORDONNANSIE OPPERVLAKTE ERF NR ____ PARYS GEREGISTREER IN DIE NAAM VAN DIE MUNISIPALITEIT GELEE IN DIE DISTRIK PARYS PROVINSIE VRYSTAAT GROOT ____ VIERKANTE METER SOOS OMSKRYF IN TITELAKTE NR T____ WAT VERKOOP SAL WORD AAN DIE HOOGSTE BIEDER ONDERHEWIG AAN DIE VOORWAARDES VAN DIE KOOPOOREENKOMS EN ENIGE SERWITUTE WAT OP DIE EIENDOM VAN TOEPASSING IS, AS DIE VERKOOPPRYS NIE MINDER AS DIE MARKWAARDE VAN DIE EIENDOM IS NIE. VOLLEDIGE BESONDERHEDE BESKIKBAAR BY DIE MUNISIPALE KANTORE GEDURENDE KANTOORURE.

N. STEDELIKE ORDONNANSIE OPPERVLAKTE ERF NR ____ PARYS GEREGISTREER IN DIE NAAM VAN DIE MUNISIPALITEIT GELEE IN DIE DISTRIK PARYS PROVINSIE VRYSTAAT GROOT ____ VIERKANTE METER SOOS OMSKRYF IN TITELAKTE NR T____ WAT VERKOOP SAL WORD AAN DIE HOOGSTE BIEDER ONDERHEWIG AAN DIE VOORWAARDES VAN DIE KOOPOOREENKOMS EN ENIGE SERWITUTE WAT OP DIE EIENDOM VAN TOEPASSING IS, AS DIE VERKOOPPRYS NIE MINDER AS DIE MARKWAARDE VAN DIE EIENDOM IS NIE. VOLLEDIGE BESONDERHEDE BESKIKBAAR BY DIE MUNISIPALE KANTORE GEDURENDE KANTOORURE.

N. STEDELIKE ORDONNANSIE OPPERVLAKTE ERF NR ____ PARYS GEREGISTREER IN DIE NAAM VAN DIE MUNISIPALITEIT GELEE IN DIE DISTRIK PARYS PROVINSIE VRYSTAAT GROOT ____ VIERKANTE METER SOOS OMSKRYF IN TITELAKTE NR T____ WAT VERKOOP SAL WORD AAN DIE HOOGSTE BIEDER ONDERHEWIG AAN DIE VOORWAARDES VAN DIE KOOPOOREENKOMS EN ENIGE SERWITUTE WAT OP DIE EIENDOM VAN TOEPASSING IS, AS DIE VERKOOPPRYS NIE MINDER AS DIE MARKWAARDE VAN DIE EIENDOM IS NIE. VOLLEDIGE BESONDERHEDE BESKIKBAAR BY DIE MUNISIPALE KANTORE GEDURENDE KANTOORURE.

N. STEDELIKE ORDONNANSIE OPPERVLAKTE ERF NR ____ PARYS GEREGISTREER IN DIE NAAM VAN DIE MUNISIPALITEIT GELEE IN DIE DISTRIK PARYS PROVINSIE VRYSTAAT GROOT ____ VIERKANTE METER SOOS OMSKRYF IN TITELAKTE NR T____ WAT VERKOOP SAL WORD AAN DIE HOOGSTE BIEDER ONDERHEWIG AAN DIE VOORWAARDES VAN DIE KOOPOOREENKOMS EN ENIGE SERWITUTE WAT OP DIE EIENDOM VAN TOEPASSING IS, AS DIE VERKOOPPRYS NIE MINDER AS DIE MARKWAARDE VAN DIE EIENDOM IS NIE. VOLLEDIGE BESONDERHEDE BESKIKBAAR BY DIE MUNISIPALE KANTORE GEDURENDE KANTOORURE.

N. STEDELIKE ORDONNANSIE OPPERVLAKTE ERF NR ____ PARYS GEREGISTREER IN DIE NAAM VAN DIE MUNISIPALITEIT GELEE IN DIE DISTRIK PARYS PROVINSIE VRYSTAAT GROOT ____ VIERKANTE METER SOOS OMSKRYF IN TITELAKTE NR T____ WAT VERKOOP SAL WORD AAN DIE HOOGSTE BIEDER ONDERHEWIG AAN DIE VOORWAARDES VAN DIE KOOPOOREENKOMS EN ENIGE SERWITUTE WAT OP DIE EIENDOM VAN TOEPASSING IS, AS DIE VERKOOPPRYS NIE MINDER AS DIE MARKWAARDE VAN DIE EIENDOM IS NIE. VOLLEDIGE BESONDERHEDE BESKIKBAAR BY DIE MUNISIPALE KANTORE GEDURENDE KANTOORURE.

N. STEDELIKE ORDONNANSIE OPPERVLAKTE ERF NR ____ PARYS GEREGISTREER IN DIE NAAM VAN DIE MUNISIPALITEIT GELEE IN DIE DISTRIK PARYS PROVINSIE VRYSTAAT GROOT ____ VIERKANTE METER SOOS OMSKRYF IN TITELAKTE NR T____ WAT VERKOOP SAL WORD AAN DIE HOOGSTE BIEDER ONDERHEWIG AAN DIE VOORWAARDES VAN DIE KOOPOOREENKOMS EN ENIGE SERWITUTE WAT OP DIE EIENDOM VAN TOEPASSING IS, AS DIE VERKOOPPRYS NIE MINDER AS DIE MARKWAARDE VAN DIE EIENDOM IS NIE. VOLLEDIGE BESONDERHEDE BESKIKBAAR BY DIE MUNISIPALE KANTORE GEDURENDE KANTOORURE.

N. STEDELIKE ORDONNANSIE OPPERVLAKTE ERF NR ____ PARYS GEREGISTREER IN DIE NAAM VAN DIE MUNISIPALITEIT GELEE IN DIE DISTRIK PARYS PROVINSIE VRYSTAAT GROOT ____ VIERKANTE METER SOOS OMSKRYF IN TITELAKTE NR T____ WAT VERKOOP SAL WORD AAN DIE HOOGSTE BIEDER ONDERHEWIG AAN DIE VOORWAARDES VAN DIE KOOPOOREENKOMS EN ENIGE SERWITUTE WAT OP DIE EIENDOM VAN TOEPASSING IS, AS DIE VERKOOPPRYS NIE MINDER AS DIE MARKWAARDE VAN DIE EIENDOM IS NIE. VOLLEDIGE BESONDERHEDE BESKIKBAAR BY DIE MUNISIPALE KANTORE GEDURENDE KANTOORURE.

N. STEDELIKE ORDONNANSIE OPPERVLAKTE ERF NR ____ PARYS GEREGISTREER IN DIE NAAM VAN DIE MUNISIPALITEIT GELEE IN DIE DISTRIK PARYS PROVINSIE VRYSTAAT GROOT ____ VIERKANTE METER SOOS OMSKRYF IN TITELAKTE NR T____ WAT VERKOOP SAL WORD AAN DIE HOOGSTE BIEDER ONDERHEWIG AAN DIE VOORWAARDES VAN DIE KOOPOOREENKOMS EN ENIGE SERWITUTE WAT OP DIE EIENDOM VAN TOEPASSING IS, AS DIE VERKOOPPRYS NIE MINDER AS DIE MARKWAARDE VAN DIE EIENDOM IS NIE. VOLLEDIGE BESONDERHEDE BESKIKBAAR BY DIE MUNISIPALE KANTORE GEDURENDE KANTOORURE.

N. STEDELIKE ORDONNANSIE OPPERVLAKTE ERF NR ____ PARYS GEREGISTREER IN DIE NAAM VAN DIE MUNISIPALITEIT GELEE IN DIE DISTRIK PARYS PROVINSIE VRYSTAAT GROOT ____ VIERKANTE METER SOOS OMSKRYF IN TITELAKTE NR T____ WAT VERKOOP SAL WORD AAN DIE HOOGSTE BIEDER ONDERHEWIG AAN DIE VOORWAARDES VAN DIE KOOPOOREENKOMS EN ENIGE SERWITUTE WAT OP DIE EIENDOM VAN TOEPASSING IS, AS DIE VERKOOPPRYS NIE MINDER AS DIE MARKWAARDE VAN DIE EIENDOM IS NIE. VOLLEDIGE BESONDERHEDE BESKIKBAAR BY DIE MUNISIPALE KANTORE GEDURENDE KANTOORURE.

N. STEDELIKE ORDONNANSIE OPPERVLAKTE ERF NR ____ PARYS GEREGISTREER IN DIE NAAM VAN DIE MUNISIPALITEIT GELEE IN DIE DISTRIK PARYS PROVINSIE VRYSTAAT GROOT ____ VIERKANTE METER SOOS OMSKRYF IN TITELAKTE NR T____ WAT VERKOOP SAL WORD AAN DIE HOOGSTE BIEDER ONDERHEWIG AAN DIE VOORWAARDES VAN DIE KOOPOOREENKOMS EN ENIGE SERWITUTE WAT OP DIE EIENDOM VAN TOEPASSING IS, AS DIE VERKOOPPRYS NIE MINDER AS DIE MARKWAARDE VAN DIE EIENDOM IS NIE. VOLLEDIGE BESONDERHEDE BESKIKBAAR BY DIE MUNISIPALE KANTORE GEDURENDE KANTOORURE.

N. STEDELIKE ORDONNANSIE OPPERVLAKTE ERF NR ____ PARYS GEREGISTREER IN DIE NAAM VAN DIE MUNISIPALITEIT GELEE IN DIE DISTRIK PARYS PROVINSIE VRYSTAAT GROOT ____ VIERKANTE METER SOOS OMSKRYF IN TITELAKTE NR T____ WAT VERKOOP SAL WORD AAN DIE HOOGSTE BIEDER ONDERHEWIG AAN DIE VOORWAARDES VAN DIE KOOPOOREENKOMS EN ENIGE SERWITUTE WAT OP DIE EIENDOM VAN TOEPASSING IS, AS DIE VERKOOPPRYS NIE MINDER AS DIE MARKWAARDE VAN DIE EIENDOM IS NIE. VOLLEDIGE BESONDERHEDE BESKIKBAAR BY DIE MUNISIPALE KANTORE GEDURENDE KANTOORURE.

N. STEDELIKE ORDONNANSIE OPPERVLAKTE ERF NR ____ PARYS GEREGISTREER IN DIE NAAM VAN DIE MUNISIPALITEIT GELEE IN DIE DISTRIK PARYS PROVINSIE VRYSTAAT GROOT ____ VIERKANTE METER SOOS OMSKRYF IN TITELAKTE NR T____ WAT VERKOOP SAL WORD AAN DIE HOOGSTE BIEDER ONDERHEWIG AAN DIE VOORWAARDES VAN DIE KOOPOOREENKOMS EN ENIGE SERWITUTE WAT OP DIE EIENDOM VAN TOEPASSING IS, AS DIE VERKOOPPRYS NIE MINDER AS DIE MARKWAARDE VAN DIE EIENDOM IS NIE. VOLLEDIGE BESONDERHEDE BESKIKBAAR BY DIE MUNISIPALE KANTORE GEDURENDE KANTOORURE.

N. STEDELIKE ORDONNANSIE OPPERVLAKTE ERF NR ____ PARYS GEREGISTREER IN DIE NAAM VAN DIE MUNISIPALITEIT GELEE IN DIE DISTRIK PARYS PROVINSIE VRYSTAAT GROOT ____ VIERKANTE METER SOOS OMSKRYF IN TITELAKTE NR T____ WAT VERKOOP SAL WORD AAN DIE HOOGSTE BIEDER ONDERHEWIG AAN DIE VOORWAARDES VAN DIE KOOPOOREENKOMS EN ENIGE SERWITUTE WAT OP DIE EIENDOM VAN TOEPASSING IS, AS DIE VERKOOPPRYS NIE MINDER AS DIE MARKWAARDE VAN DIE EIENDOM IS NIE. VOLLEDIGE BESONDERHEDE BESKIKBAAR BY DIE MUNISIPALE KANTORE GEDURENDE KANTOORURE.

N. STEDELIKE ORDONNANSIE OPPERVLAKTE ERF NR ____ PARYS GEREGISTREER IN DIE NAAM VAN DIE MUNISIPALITEIT GELEE IN DIE DISTRIK PARYS PROVINSIE VRYSTAAT GROOT ____ VIERKANTE METER SOOS OMSKRYF IN TITELAKTE NR T____ WAT VERKOOP SAL WORD AAN DIE HOOGSTE BIEDER ONDERHEWIG AAN DIE VOORWAARDES VAN DIE KOOPOOREENKOMS EN ENIGE SERWITUTE WAT OP DIE EIENDOM VAN TOEPASSING IS, AS DIE VERKOOPPRYS NIE MINDER AS DIE MARKWAARDE VAN DIE EIENDOM IS NIE. VOLLEDIGE BESONDERHEDE BESKIKBAAR BY DIE MUNISIPALE KANTORE GEDURENDE KANTOORURE.

N. STEDELIKE ORDONNANSIE OPPERVLAKTE ERF NR ____ PARYS GEREGISTREER IN DIE NAAM VAN DIE MUNISIPALITEIT GELEE IN DIE DISTRIK PARYS PROVINSIE VRYSTAAT GROOT ____ VIERKANTE METER SOOS OMSKRYF IN TITELAKTE NR T____ WAT VERKOOP SAL WORD AAN DIE HOOGSTE BIEDER ONDERHEWIG AAN DIE VOORWAARDES VAN DIE KOOPOOREENKOMS EN ENIGE SERWITUTE WAT OP DIE EIENDOM VAN TOEPASSING IS, AS DIE VERKOOPPRYS NIE MINDER AS DIE MARKWAARDE VAN DIE EIENDOM IS NIE. VOLLEDIGE BESONDERHEDE BESKIKBAAR BY DIE MUNISIPALE KANTORE GEDURENDE KANTOORURE.

N. STEDELIKE ORDONNANSIE OPPERVLAKTE ERF NR ____ PARYS GEREGISTREER IN DIE NAAM VAN DIE MUNISIPALITEIT GELEE IN DIE DISTRIK PARYS PROVINSIE VRYSTAAT GROOT ____ VIERKANTE METER SOOS OMSKRYF IN TITELAKTE NR T____ WAT VERKOOP SAL WORD AAN DIE HOOGSTE BIEDER ONDERHEWIG AAN DIE VOORWAARDES VAN DIE KOOPOOREENKOMS EN ENIGE SERWITUTE WAT OP DIE EIENDOM VAN TOEPASSING IS, AS DIE VERKOOPPRYS NIE MINDER AS DIE MARKWAARDE VAN DIE EIENDOM IS NIE. VOLLEDIGE BESONDERHEDE BESKIKBAAR BY DIE MUNISIPALE KANTORE GEDURENDE KANTOORURE.

N. STEDELIKE ORDONNANSIE OPPERVLAKTE ERF NR ____ PARYS GEREGISTREER IN DIE NAAM VAN DIE MUNISIPALITEIT GELEE IN DIE DISTRIK PARYS PROVINSIE VRYSTAAT GROOT ____ VIERKANTE METER SOOS OMSKRYF IN TITELAKTE NR T____ WAT VERKOOP SAL WORD AAN DIE HOOGSTE BIEDER ONDERHEWIG AAN DIE VOORWAARDES VAN DIE KOOPOOREENKOMS EN ENIGE SERWITUTE WAT OP DIE EIENDOM VAN TOEPASSING IS, AS DIE VERKOOPPRYS NIE MINDER AS DIE MARKWAARDE VAN DIE EIENDOM IS NIE. VOLLEDIGE BESONDERHEDE BESKIKBAAR BY DIE MUNISIPALE KANTORE GEDURENDE KANTOORURE.

N. STEDELIKE ORDONNANSIE OPPERVLAKTE ERF NR ____ PARYS GEREGISTREER IN DIE NAAM VAN DIE MUNISIPALITEIT GELEE IN DIE DISTRIK PARYS PROVINSIE VRYSTAAT GROOT ____ VIERKANTE METER SOOS OMSKRYF IN TITELAKTE NR T____ WAT VERKOOP SAL WORD AAN DIE HOOGSTE BIEDER ONDERHEWIG AAN DIE VOORWAARDES VAN DIE KOOPOOREENKOMS EN ENIGE SERWITUTE WAT OP DIE EIENDOM VAN TOEPASSING IS, AS DIE VERKOOPPRYS NIE MINDER AS DIE MARKWAARDE VAN DIE EIENDOM IS NIE. VOLLEDIGE BESONDERHEDE BESKIKBAAR BY DIE MUNISIPALE KANTORE GEDURENDE KANTOORURE.

N. STEDELIKE ORDONNANSIE OPPERVLAKTE ERF NR ____ PARYS GEREGISTREER IN DIE NAAM VAN DIE MUNISIPALITEIT GELEE IN DIE DISTRIK PARYS PROVINSIE VRYSTAAT GROOT ____ VIERKANTE METER SOOS OMSKRYF IN TITELAKTE NR T____ WAT VERKOOP SAL WORD AAN DIE HOOGSTE BIEDER ONDERHEWIG AAN DIE VOORWAARDES VAN DIE KOOPOOREENKOMS EN ENIGE SERWITUTE WAT OP DIE EIENDOM VAN TOEPASSING IS, AS DIE VERKOOPPRYS NIE MINDER AS DIE MARKWAARDE VAN DIE EIENDOM IS NIE. VOLLEDIGE BESONDERHEDE BESKIKBAAR BY DIE MUNISIPALE KANTORE GEDURENDE KANTOORURE.

N. STEDELIKE ORDONNANSIE OPPERVLAKTE ERF NR ____ PARYS GEREGISTREER IN DIE NAAM VAN DIE MUNISIPALITEIT GELEE IN DIE DISTRIK PARYS PROVINSIE VRYSTAAT GROOT ____ VIERKANTE METER SOOS OMSKRYF IN TITELAKTE NR T____ WAT VERKOOP SAL WORD AAN DIE HOOGSTE BIEDER ONDERHEWIG AAN DIE VOORWAARDES VAN DIE KOOPOOREENKOMS EN ENIGE SERWITUTE WAT OP DIE EIENDOM VAN TOEPASSING IS, AS DIE VERKOOPPRYS NIE MINDER AS DIE MARKWAARDE VAN DIE EIENDOM IS NIE. VOLLEDIGE BESONDERHEDE BESKIKBAAR BY DIE MUNISIPALE KANTORE GEDURENDE KANTOORURE.

N. STEDELIKE ORDONNANSIE OPPERVLAKTE ERF NR ____ PARYS GEREGISTREER IN DIE NAAM VAN DIE MUNISIPALITEIT GELEE IN DIE DISTRIK PARYS PROVINSIE VRYSTAAT GROOT ____ VIERKANTE METER SOOS OMSKRYF IN TITELAKTE NR T____ WAT VERKOOP SAL WORD AAN DIE HOOGSTE BIEDER ONDERHEWIG AAN DIE VOORWAARDES VAN DIE KOOPOOREENKOMS EN ENIGE SERWITUTE WAT OP DIE EIENDOM VAN TOEPASSING IS, AS DIE VERKOOPPRYS NIE MINDER AS DIE MARKWAARDE VAN DIE EIENDOM IS NIE. VOLLEDIGE BESONDERHEDE BESKIKBAAR BY DIE MUNISIPALE KANTORE GEDURENDE KANTOORURE.

N. STEDELIKE ORDONNANSIE OPPERVLAKTE ERF NR ____ PARYS GEREGISTREER IN DIE NAAM VAN DIE MUNISIPALITEIT GELEE IN DIE DISTRIK PARYS PROVINSIE VRYSTAAT GROOT ____ VIERKANTE METER SOOS OMSKRYF IN TITELAKTE NR T____ WAT VERKOOP SAL WORD AAN DIE HOOGSTE BIEDER ONDERHEWIG AAN DIE VOORWAARDES VAN DIE KOOPOOREENKOMS EN ENIGE SERWITUTE WAT OP DIE EIENDOM VAN TOEPASSING IS, AS DIE VERKOOPPRYS NIE MINDER AS DIE MARKWAARDE VAN DIE EIENDOM IS NIE. VOLLEDIGE BESONDERHEDE BESKIKBAAR BY DIE MUNISIPALE KANTORE GEDURENDE KANTOORURE.

N. STEDELIKE ORDONNANSIE OPPERVLAKTE ERF NR ____ PARYS GEREGISTREER IN DIE NAAM VAN DIE MUNISIPALITEIT GELEE IN DIE DISTRIK PARYS PROVINSIE VRYSTAAT GROOT ____ VIERKANTE METER SOOS OMSKRYF IN TITELAKTE NR T____ WAT VERKOOP SAL WORD AAN DIE HOOGSTE BIEDER ONDERHEWIG AAN DIE VOORWAARDES VAN DIE KOOPOOREENKOMS EN ENIGE SERWITUTE WAT OP DIE EIENDOM VAN TOEPASSING IS, AS DIE VERKOOPPRYS NIE MINDER AS DIE MARKWAARDE VAN DIE EIENDOM IS NIE. VOLLEDIGE BESONDERHEDE BESKIKBAAR BY DIE MUNISIPALE KANTORE GEDURENDE KANTOORURE.

N. STEDELIKE ORDONNANSIE OPPERVLAKTE ERF NR ____ PARYS GEREGISTREER IN DIE NAAM VAN DIE MUNISIPALITEIT GELEE IN DIE DISTRIK PARYS PROVINSIE VRYSTAAT GROOT ____ VIERKANTE METER SOOS OMSKRYF IN TITELAKTE NR T____ WAT VERKOOP SAL WORD AAN DIE HOOGSTE BIEDER ONDERHEWIG AAN DIE VOORWAARDES VAN DIE KOOPOOREENKOMS EN ENIGE SERWITUTE WAT OP DIE EIENDOM VAN TOEPASSING IS, AS DIE VERKOOPPRYS NIE MINDER AS DIE MARKWAARDE VAN DIE EIENDOM IS NIE. VOLLEDIGE BESONDERHEDE BESKIKBAAR BY DIE MUNISIPALE KANTORE GEDURENDE KANTOORURE.

N. STEDELIKE ORDONNANSIE OPPERVLAKTE ERF NR ____ PARYS GEREGISTREER IN DIE NAAM VAN DIE MUNISIPALITEIT GELEE IN DIE DISTRIK PARYS PROVINSIE VRYSTAAT GROOT ____ VIERKANTE METER SOOS OMSKRYF IN TITELAKTE NR T____ WAT VERKOOP SAL WORD AAN DIE HOOGSTE BIEDER ONDERHEWIG AAN DIE VOORWAARDES VAN DIE KOOPOOREENKOMS EN ENIGE SERWITUTE WAT OP DIE EIENDOM VAN TOEPASSING IS, AS DIE VERKOOPPRYS NIE MINDER AS DIE MARKWAARDE VAN DIE EIENDOM IS NIE. VOLLEDIGE BESONDERHEDE BESKIKBAAR BY DIE MUNISIPALE KANTORE GEDURENDE KANTOORURE.

N. STEDELIKE ORDONNANSIE OPPERVLAKTE ERF NR ____ PARYS GEREGISTREER IN DIE NAAM VAN DIE MUNISIPALITEIT GELEE IN DIE DISTRIK PARYS PROVINSIE VRYSTAAT GROOT ____ VIERKANTE METER SOOS OMSKRYF IN TITELAKTE NR T____ WAT VERKOOP SAL WORD AAN DIE HOOGSTE BIEDER ONDERHEWIG AAN DIE VOORWAARDES VAN DIE KOOPOOREENKOMS EN ENIGE SERWITUTE WAT OP DIE EIENDOM VAN TOEPASSING IS, AS DIE VERKOOPPRYS NIE MINDER AS DIE MARKWAARDE VAN DIE EIENDOM IS NIE. VOLLEDIGE BESONDERHEDE BESKIKBAAR BY DIE MUNISIPALE KANTORE GEDURENDE KANTOORURE.

N. STEDELIKE ORDONNANSIE OPPERVLAKTE ERF NR ____ PARYS GEREGISTREER IN DIE NAAM VAN DIE MUNISIPALITEIT GELEE IN DIE DISTRIK PARYS PROVINSIE VRYSTAAT GROOT ____ VIERKANTE METER SOOS OMSKRYF IN TITELAKTE NR T____ WAT VERKOOP SAL WORD AAN DIE HOOGSTE BIEDER ONDERHEWIG AAN DIE VOORWAARDES VAN DIE KOOPOOREENKOMS EN ENIGE SERWITUTE WAT OP DIE EIENDOM VAN TOEPASSING IS, AS DIE VERKOOPPRYS NIE MINDER AS DIE MARKWAARDE VAN DIE EIENDOM IS NIE. VOLLEDIGE BESONDERHEDE BESKIKBAAR BY DIE MUNISIPALE KANTORE GEDURENDE KANTOORURE.

N. STEDELIKE ORDONNANSIE OPPERVLAKTE ERF NR ____ PARYS GEREGISTREER IN DIE NAAM VAN DIE MUNISIPALITEIT GELEE IN DIE DISTRIK PARYS PROVINSIE VRYSTAAT GROOT ____ VIERKANTE METER SOOS OMSKRYF IN TITELAKTE NR T____ WAT VERKOOP SAL WORD AAN DIE HOOGSTE BIEDER ONDERHEWIG AAN DIE VOORWAARDES VAN DIE KOOPOOREENKOMS EN ENIGE SERWITUTE WAT OP DIE EIENDOM VAN TOEPASSING IS, AS DIE VERKOOPPRYS NIE MINDER AS DIE MARKWAARDE VAN DIE EIENDOM IS NIE. VOLLEDIGE BESONDERHEDE BESKIKBAAR BY DIE MUNISIPALE KANTORE GEDURENDE KANTOORURE.

N. STEDELIKE ORDONNANSIE OPPERVLAKTE ERF NR ____ PARYS GEREGISTREER IN DIE NAAM VAN DIE MUNISIPALITEIT GELEE IN DIE DISTRIK PARYS PROVINSIE VRYSTAAT GROOT ____ VIERKANTE METER SOOS OMSKRYF IN TITELAKTE NR T____ WAT VERKOOP SAL WORD AAN DIE HOOGSTE BIEDER ONDERHEWIG AAN DIE VOORWAARDES VAN DIE KOOPOOREENKOMS EN ENIGE SERWITUTE WAT OP DIE EIENDOM VAN TOEPASSING IS, AS DIE VERKOOPPRYS NIE MINDER AS DIE MARKWAARDE VAN DIE EIENDOM IS NIE. VOLLEDIGE BESONDERHEDE BESKIKBAAR BY DIE MUNISIPALE KANTORE GEDURENDE KANTOORURE.

N. STEDELIKE ORDONNANSIE OPPERVLAKTE ERF NR ____ PARYS GEREGISTREER IN DIE NAAM VAN DIE MUNISIPALITEIT GELEE IN DIE DISTRIK PARYS PROVINSIE VRYSTAAT GROOT ____ VIERKANTE METER SOOS OMSKRYF IN TITELAKTE NR T____ WAT VERKOOP SAL WORD AAN DIE HOOGSTE BIEDER ONDERHEWIG AAN DIE VOORWAARDES VAN DIE KOOPOOREENKOMS EN ENIGE SERWITUTE WAT OP DIE EIENDOM VAN TOEPASSING IS, AS DIE VERKOOPPRYS NIE MINDER AS DIE MARKWAARDE VAN DIE EIENDOM IS NIE. VOLLEDIGE BESONDERHEDE BESKIKBAAR BY DIE MUNISIPALE KANTORE GEDURENDE KANTOORURE.

N. STEDELIKE ORDONNANSIE OPPERVLAKTE ERF NR ____ PARYS GEREGISTREER IN DIE NAAM VAN DIE MUNISIPALITEIT GELEE IN DIE DISTRIK PARYS PROVINSIE VRYSTAAT GROOT ____ VIERKANTE METER SOOS OMSKRYF IN TITELAKTE NR T____ WAT VERKOOP SAL WORD AAN DIE HOOGSTE BIEDER ONDERHEWIG AAN DIE VOORWAARDES VAN DIE KOOPOOREENKOMS EN ENIGE SERWITUTE WAT OP DIE EIENDOM VAN TOEPASSING IS, AS DIE VERKOOPPRYS NIE MINDER AS DIE MARKWAARDE VAN DIE EIENDOM IS NIE. VOLLEDIGE BESONDERHEDE BESKIKBAAR BY DIE MUNISIPALE KANTORE GEDURENDE KANTOORURE.

N. STEDELIKE ORDONNANSIE OPPERVLAKTE ERF NR ____ PARYS GEREGISTREER IN DIE NAAM VAN DIE MUNISIPALITEIT GELEE IN DIE DISTRIK PARYS PROVINSIE VRYSTAAT GROOT ____ VIERKANTE METER SOOS OMSKRYF IN TITELAKTE NR T____ WAT VERKOOP SAL WORD AAN DIE HOOGSTE BIEDER ONDERHEWIG AAN DIE VOORWAARDES VAN DIE KOOPOOREENKOMS EN ENIGE SERWITUTE WAT OP DIE EIENDOM VAN TOEPASSING IS, AS DIE VERKOOPPRYS NIE MINDER AS DIE MARKWAARDE VAN DIE EIENDOM IS NIE. VOLLEDIGE BESONDERHEDE BESKIKBAAR BY DIE MUNISIPALE KANTORE GEDURENDE KANTOORURE.

N. STEDELIKE ORDONNANSIE OPPERVLAKTE ERF NR ____ PARYS GEREGISTREER IN DIE NAAM VAN DIE MUNISIPALITEIT GELEE IN DIE DISTRIK PARYS PROVINSIE VRYSTAAT GROOT ____ VIERKANTE METER SOOS OMSKRYF IN TITELAKTE NR T____ WAT VERKOOP SAL WORD AAN DIE HOOGSTE BIEDER ONDERHEWIG AAN DIE VOORWAARDES VAN DIE KOOPOOREENKOMS EN ENIGE SERWITUTE WAT OP DIE EIENDOM VAN TOEPASSING IS, AS DIE VERKOOPPRYS NIE MINDER AS DIE MARKWAARDE VAN DIE EIENDOM IS NIE. VOLLEDIGE BESONDERHEDE BESKIKBAAR BY DIE MUNISIPALE KANTORE GEDURENDE KANTOORURE.

N. STEDELIKE ORDONNANSIE OPPERVLAKTE ERF NR ____ PARYS GEREGISTREER IN DIE NAAM VAN DIE MUNISIPALITEIT GELEE IN DIE DISTRIK PARYS PROVINSIE VRYSTAAT GROOT ____ VIERKANTE METER SOOS OMSKRYF IN TITELAKTE NR T____ WAT VERKOOP SAL WORD AAN DIE HOOGSTE BIEDER ONDERHEWIG AAN DIE VOORWAARDES VAN DIE KOOPOOREENKOMS EN ENIGE SERWITUTE WAT OP DIE EIENDOM VAN TOEPASSING IS, AS DIE VERKOOPPRYS NIE MINDER AS DIE MARKWAARDE VAN DIE EIENDOM IS NIE. VOLLEDIGE BESONDERHEDE BESKIKBAAR BY DIE MUNISIPALE KANTORE GEDURENDE KANTOORURE.

N. STEDELIKE ORDONNANSIE OPPERVLAKTE ERF NR ____ PARYS GEREGISTREER IN DIE NAAM VAN DIE MUNISIPALITEIT GELEE IN DIE DISTRIK PARYS PROVINSIE VRYSTAAT GROOT ____ VIERKANTE METER SOOS OMSKRYF IN TITELAKTE NR T____ WAT VERKOOP SAL WORD AAN DIE HOOGSTE BIEDER ONDERHEWIG AAN DIE VOORWAARDES VAN DIE KOOPOOREENKOMS EN ENIGE SERWITUTE WAT OP DIE EIENDOM VAN TOEPASSING IS, AS DIE VERKOOPPRYS NIE MINDER AS DIE MARKWAARDE VAN DIE EIENDOM IS NIE. VOLLEDIGE BESONDERHEDE BESKIKBAAR BY DIE MUNISIPALE KANTORE GEDURENDE KANTOORURE.

N. STEDELIKE ORDONNANSIE OPPERVLAKTE ERF NR ____ PARYS GEREGISTREER IN DIE NAAM VAN DIE MUNISIPALITEIT GELEE IN DIE DISTRIK PARYS PROVINSIE VRYSTAAT GROOT ____ VIERKANTE METER SOOS OMSKRYF IN TITELAKTE NR T____ WAT VERKOOP SAL WORD AAN DIE HOOGSTE BIEDER ONDERHEWIG AAN DIE VOORWAARDES VAN DIE KOOPOOREENKOMS EN ENIGE SERWITUTE WAT OP DIE EIENDOM VAN TOEPASSING IS, AS DIE VERKOOPPRYS NIE MINDER AS DIE MARKWAARDE VAN DIE EIENDOM IS NIE. VOLLEDIGE BESONDERHEDE BESKIKBAAR BY DIE MUNISIPALE KANTORE GEDURENDE KANTOORURE.

N. STEDELIKE ORDONNANSIE OPPERVLAKTE ERF NR ____ PARYS GEREGISTREER IN DIE NAAM VAN DIE MUNISIPALITEIT GELEE IN DIE DISTRIK PARYS PROVINSIE VRYSTAAT GROOT ____ VIERKANTE METER SOOS OMSKRYF IN TITELAKTE NR T____ WAT VERKOOP SAL WORD AAN DIE HOOGSTE BIEDER ONDERHEWIG AAN DIE VOORWAARDES VAN DIE KOOPOOREENKOMS EN ENIGE SERWITUTE WAT OP DIE EIENDOM VAN TOEPASSING IS, AS DIE VERKOOPPRYS NIE MINDER AS DIE MARKWAARDE VAN DIE EIENDOM IS NIE. VOLLEDIGE BESONDERHEDE BESKIKBAAR BY DIE MUNISIPALE KANTORE GEDURENDE KANTOORURE.

N. STEDELIKE ORDONNANSIE OPPERVLAKTE ERF NR ____ PARYS GEREGISTREER IN DIE NAAM VAN DIE MUNISIPALITEIT GELEE IN DIE DISTRIK PARYS PROVINSIE VRYSTAAT GROOT ____ VIERKANTE METER SOOS OMSKRYF IN TITELAKTE NR T____ WAT VERKOOP SAL WORD AAN DIE HOOGSTE BIEDER ONDERHEWIG AAN DIE VOORWAARDES VAN DIE KOOPOOREENKOMS EN ENIGE SERWITUTE WAT OP DIE EIENDOM VAN TOEPASSING IS, AS DIE VERKOOPPRYS NIE MINDER AS DIE MARKWAARDE VAN DIE EIENDOM IS NIE. VOLLEDIGE BESONDERHEDE BESKIKBAAR BY DIE MUNISIPALE KANTORE GEDURENDE KANTOORURE.

ENIGE PERSOON WAT BESWAAR WIL MAAK TEEN DIE VOORGESTELDE VERKOPE MOET SODANIGE BESWAAR SKRIFTELIK BY DIE MUNISIPALE BESTUURDER INDIEN BINNE 30 DAE VANAF DATUM VAN PUBLIKASIE VAN HIERDIE KENNISGEWING.

DATUM VAN PUBLIKASIE: 12 AUGUSTUS 2021

M.G. SEBOKOLOLI

MUNISIPALE BESTUURDER

NGWATHE PLAASLIKE MUNISIPALITEIT

POSBUS 359, PARYS, 9585

TEL: 056 811 2131

www.ngwathe.co.za

KENN NR: 2021

P10/1
KENNISGEWINGS • NOTICES
